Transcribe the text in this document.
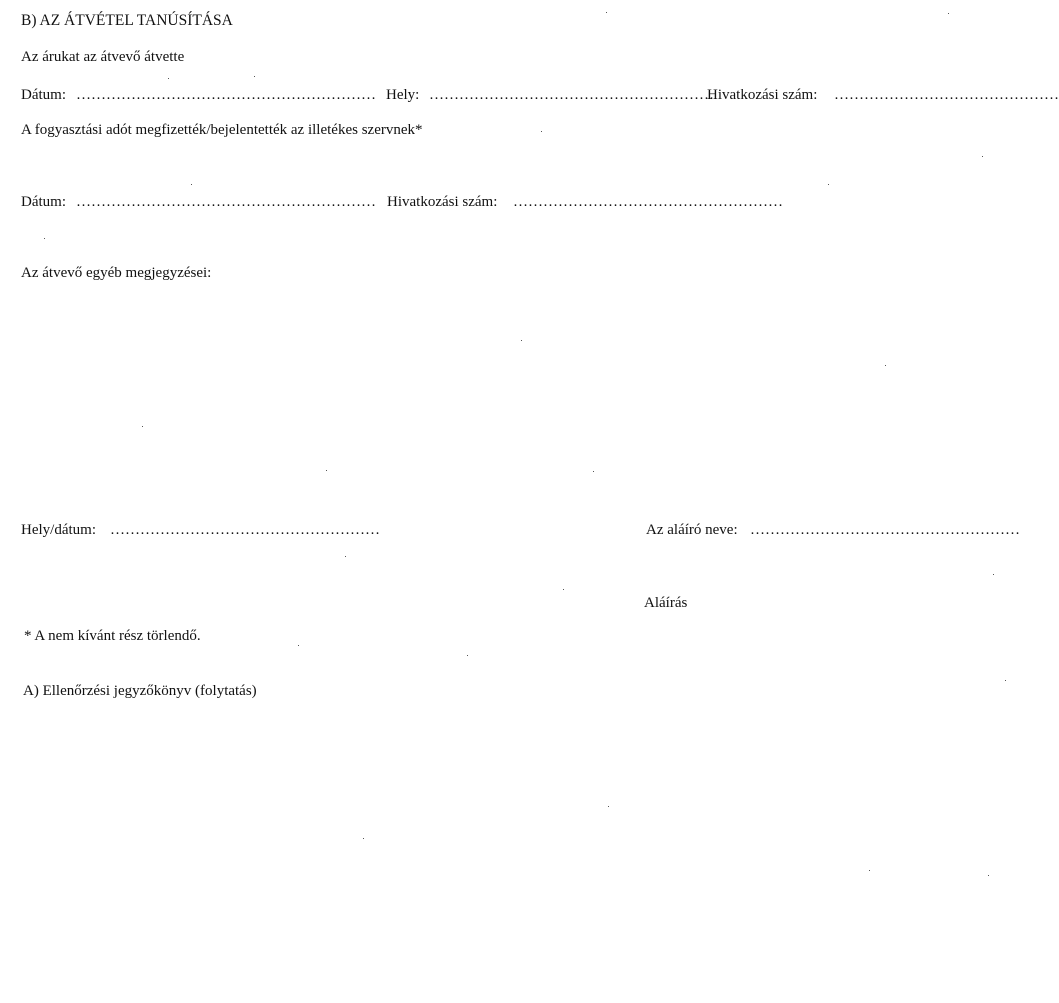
B) AZ ÁTVÉTEL TANÚSÍTÁSA
Az árukat az átvevő átvette
Dátum: …………………………………………………… Hely: …………………………………………………
Hivatkozási szám: ………………………………………
A fogyasztási adót megfizették/bejelentették az illetékes szervnek*
Dátum: …………………………………………………… Hivatkozási szám: ………………………………………………
Az átvevő egyéb megjegyzései:
Hely/dátum: ………………………………………………	Az aláíró neve: ………………………………………………
Aláírás
* A nem kívánt rész törlendő.
A) Ellenőrzési jegyzőkönyv (folytatás)
